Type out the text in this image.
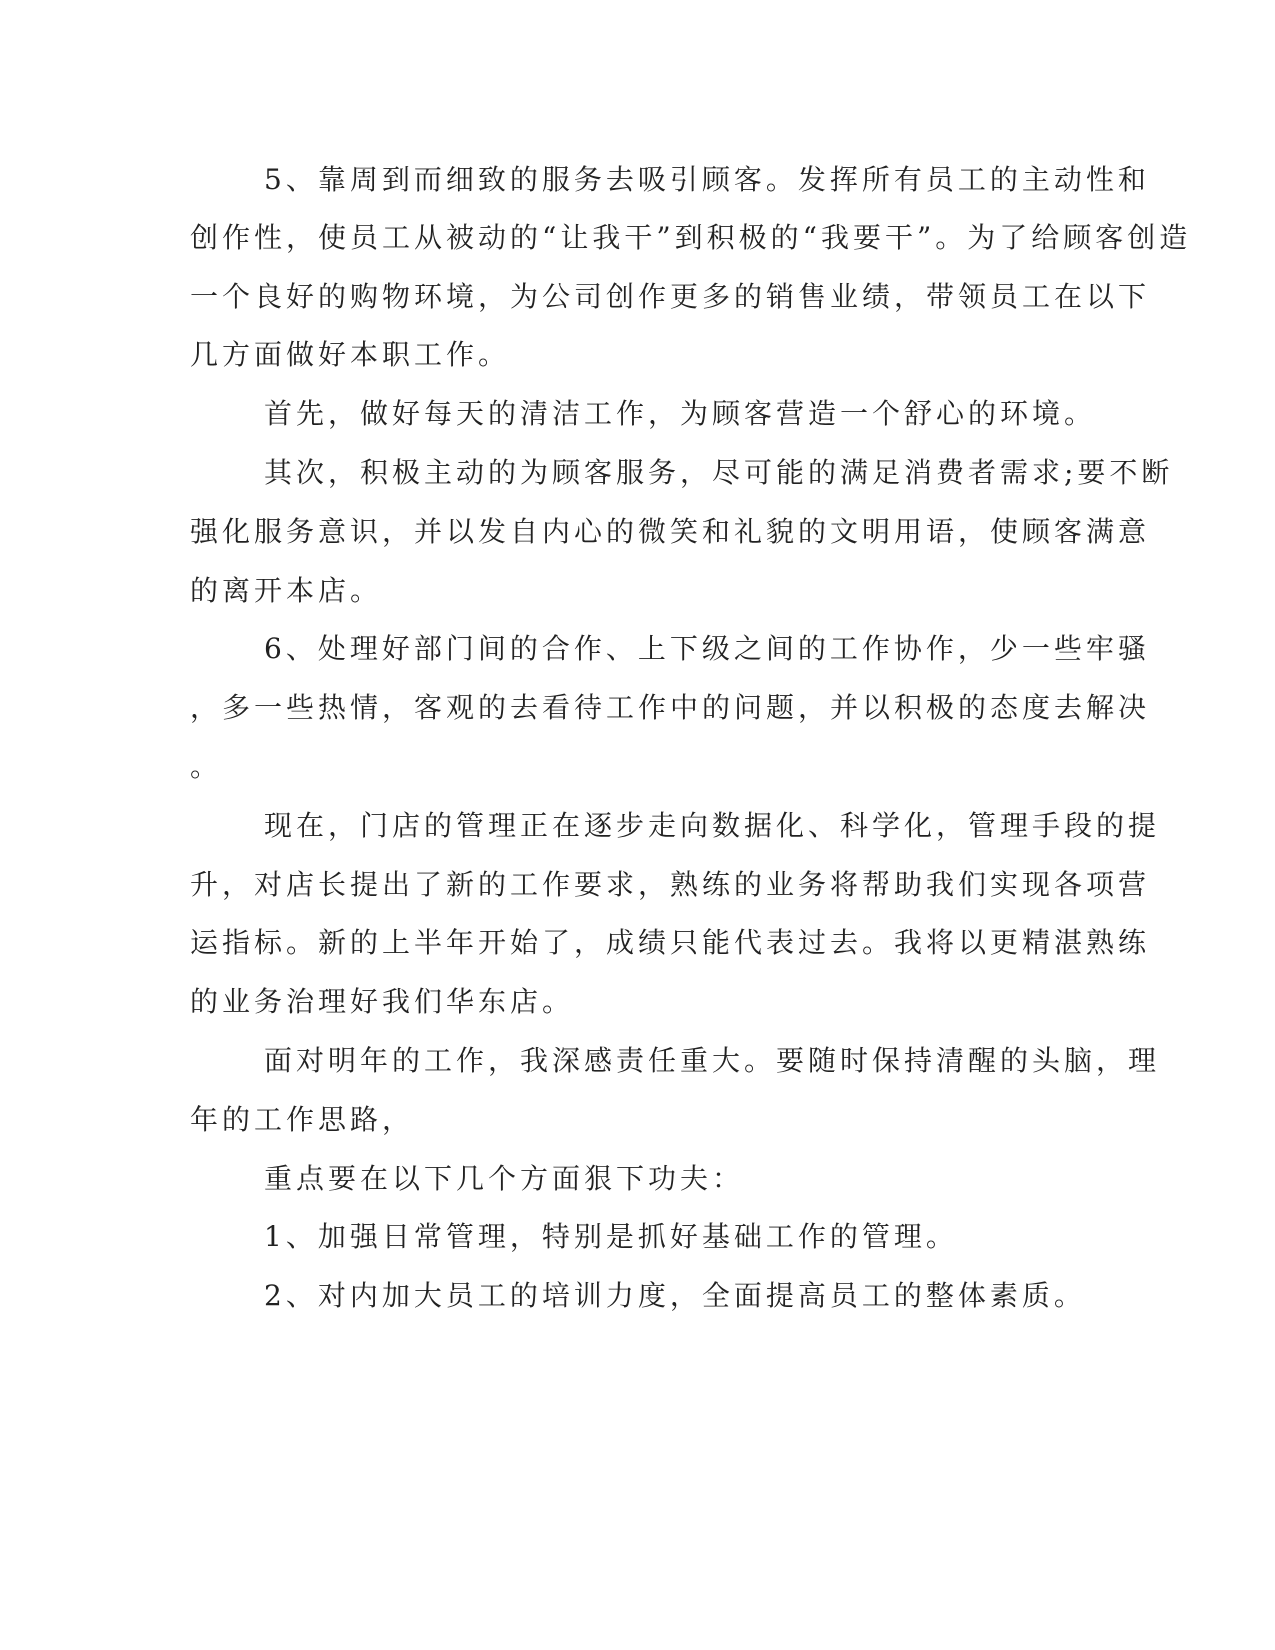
5、靠周到而细致的服务去吸引顾客。发挥所有员工的主动性和
创作性，使员工从被动的“让我干”到积极的“我要干”。为了给顾客创造
一个良好的购物环境，为公司创作更多的销售业绩，带领员工在以下
几方面做好本职工作。
首先，做好每天的清洁工作，为顾客营造一个舒心的环境。
其次，积极主动的为顾客服务，尽可能的满足消费者需求;要不断
强化服务意识，并以发自内心的微笑和礼貌的文明用语，使顾客满意
的离开本店。
6、处理好部门间的合作、上下级之间的工作协作，少一些牢骚
，多一些热情，客观的去看待工作中的问题，并以积极的态度去解决
。
现在，门店的管理正在逐步走向数据化、科学化，管理手段的提
升，对店长提出了新的工作要求，熟练的业务将帮助我们实现各项营
运指标。新的上半年开始了，成绩只能代表过去。我将以更精湛熟练
的业务治理好我们华东店。
面对明年的工作，我深感责任重大。要随时保持清醒的头脑，理
年的工作思路，
重点要在以下几个方面狠下功夫：
1、加强日常管理，特别是抓好基础工作的管理。
2、对内加大员工的培训力度，全面提高员工的整体素质。
